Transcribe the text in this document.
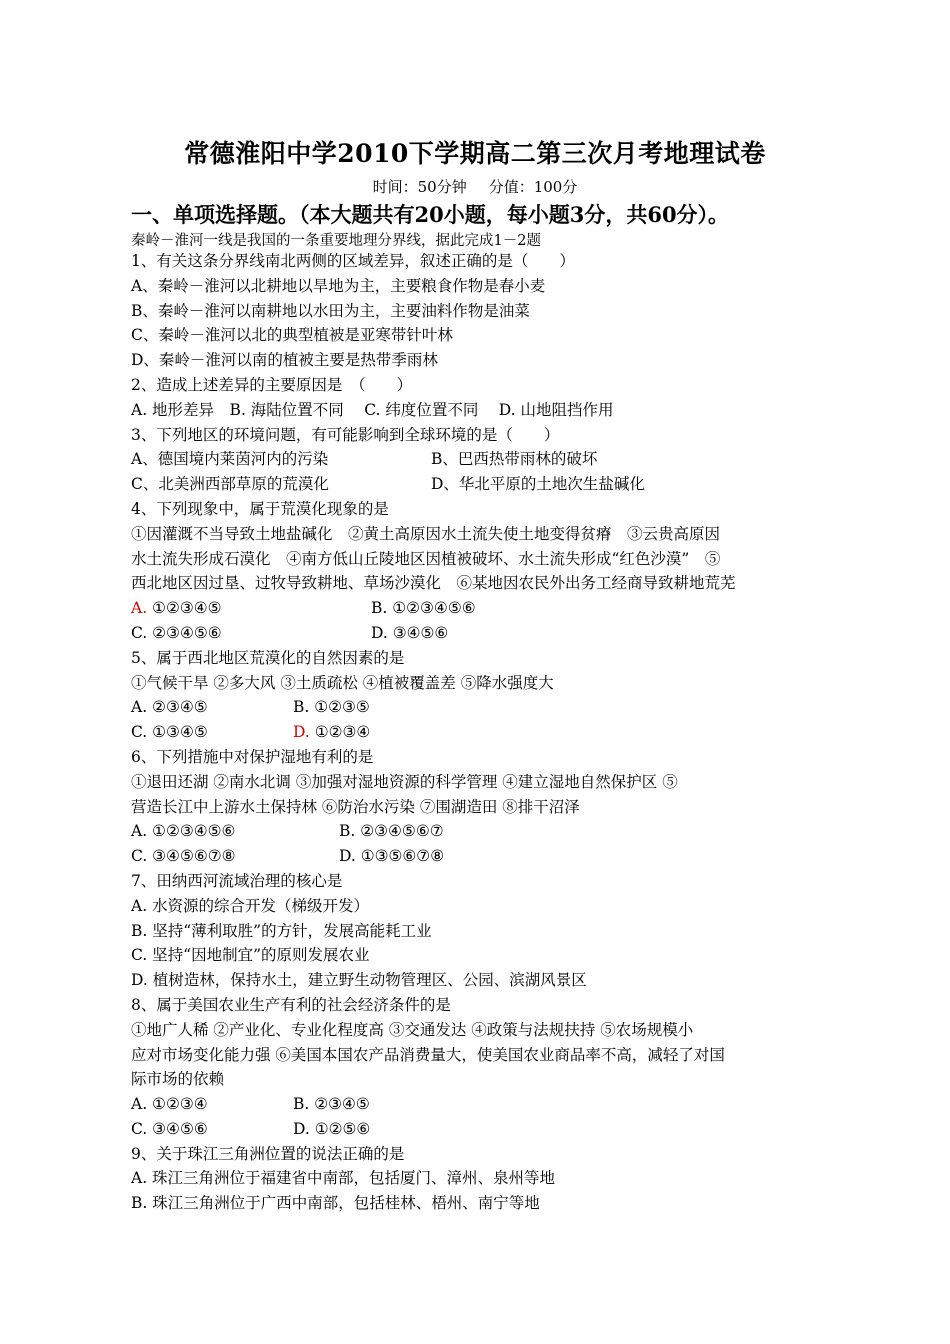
常德淮阳中学2010下学期高二第三次月考地理试卷
时间：50分钟 分值：100分
一、单项选择题。（本大题共有20小题，每小题3分，共60分）。
秦岭－淮河一线是我国的一条重要地理分界线，据此完成1－2题
1、有关这条分界线南北两侧的区域差异，叙述正确的是（　　）
A、秦岭－淮河以北耕地以旱地为主，主要粮食作物是春小麦
B、秦岭－淮河以南耕地以水田为主，主要油料作物是油菜
C、秦岭－淮河以北的典型植被是亚寒带针叶林
D、秦岭－淮河以南的植被主要是热带季雨林
2、造成上述差异的主要原因是　（　　）
A. 地形差异　B. 海陆位置不同　 C. 纬度位置不同　 D. 山地阻挡作用
3、下列地区的环境问题，有可能影响到全球环境的是（　　）
A、德国境内莱茵河内的污染	B、巴西热带雨林的破坏
C、北美洲西部草原的荒漠化	D、华北平原的土地次生盐碱化
4、下列现象中，属于荒漠化现象的是
①因灌溉不当导致土地盐碱化　②黄土高原因水土流失使土地变得贫瘠　③云贵高原因
水土流失形成石漠化　④南方低山丘陵地区因植被破坏、水土流失形成“红色沙漠”　⑤
西北地区因过垦、过牧导致耕地、草场沙漠化　⑥某地因农民外出务工经商导致耕地荒芜
A. ①②③④⑤	B. ①②③④⑤⑥
C. ②③④⑤⑥	D. ③④⑤⑥
5、属于西北地区荒漠化的自然因素的是
①气候干旱 ②多大风 ③土质疏松 ④植被覆盖差 ⑤降水强度大
A. ②③④⑤	B. ①②③⑤
C. ①③④⑤	D. ①②③④
6、下列措施中对保护湿地有利的是
①退田还湖 ②南水北调 ③加强对湿地资源的科学管理 ④建立湿地自然保护区 ⑤
营造长江中上游水土保持林 ⑥防治水污染 ⑦围湖造田 ⑧排干沼泽
A. ①②③④⑤⑥	B. ②③④⑤⑥⑦
C. ③④⑤⑥⑦⑧	D. ①③⑤⑥⑦⑧
7、田纳西河流域治理的核心是
A. 水资源的综合开发（梯级开发）
B. 坚持“薄利取胜”的方针，发展高能耗工业
C. 坚持“因地制宜”的原则发展农业
D. 植树造林，保持水土，建立野生动物管理区、公园、滨湖风景区
8、属于美国农业生产有利的社会经济条件的是
①地广人稀 ②产业化、专业化程度高 ③交通发达 ④政策与法规扶持 ⑤农场规模小
应对市场变化能力强 ⑥美国本国农产品消费量大，使美国农业商品率不高，减轻了对国
际市场的依赖
A. ①②③④	B. ②③④⑤
C. ③④⑤⑥	D. ①②⑤⑥
9、关于珠江三角洲位置的说法正确的是
A. 珠江三角洲位于福建省中南部，包括厦门、漳州、泉州等地
B. 珠江三角洲位于广西中南部，包括桂林、梧州、南宁等地
